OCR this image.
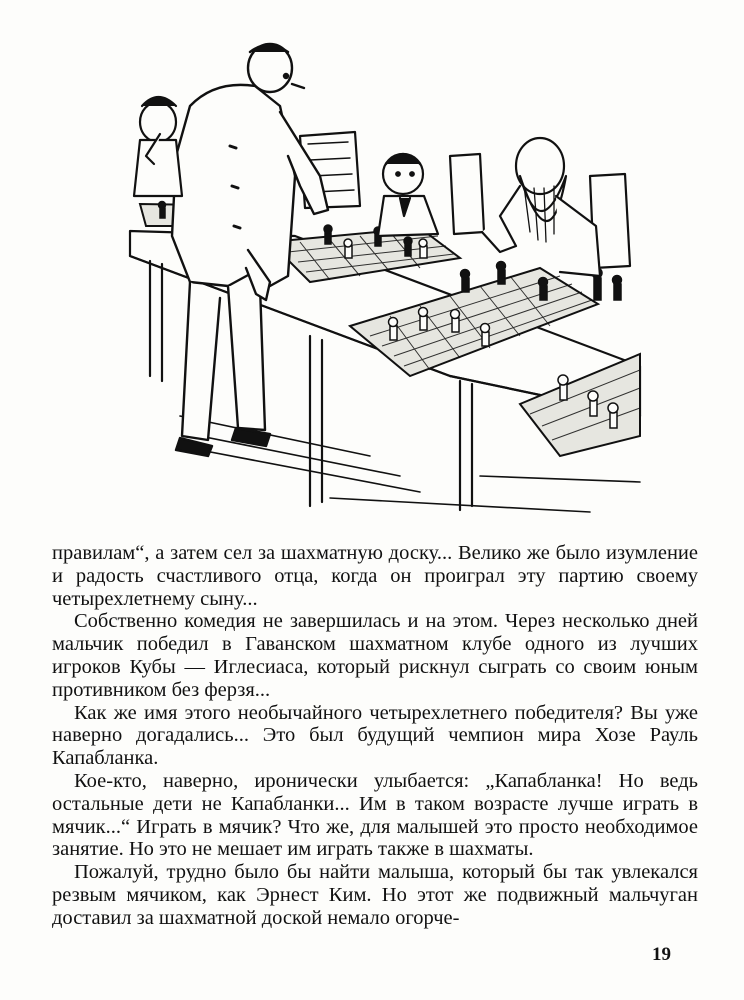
правилам“, а затем сел за шахматную доску... Велико же было изумление и радость счастливого отца, когда он проиграл эту партию своему четырехлетнему сыну...

Собственно комедия не завершилась и на этом. Через несколько дней мальчик победил в Гаванском шахматном клубе одного из лучших игроков Кубы — Иглесиаса, который рискнул сыграть со своим юным противником без ферзя...

Как же имя этого необычайного четырехлетнего победителя? Вы уже наверно догадались... Это был будущий чемпион мира Хозе Рауль Капабланка.

Кое-кто, наверно, иронически улыбается: „Капабланка! Но ведь остальные дети не Капабланки... Им в таком возрасте лучше играть в мячик...“ Играть в мячик? Что же, для малышей это просто необходимое занятие. Но это не мешает им играть также в шахматы.

Пожалуй, трудно было бы найти малыша, который бы так увлекался резвым мячиком, как Эрнест Ким. Но этот же подвижный мальчуган доставил за шахматной доской немало огорче-

19
